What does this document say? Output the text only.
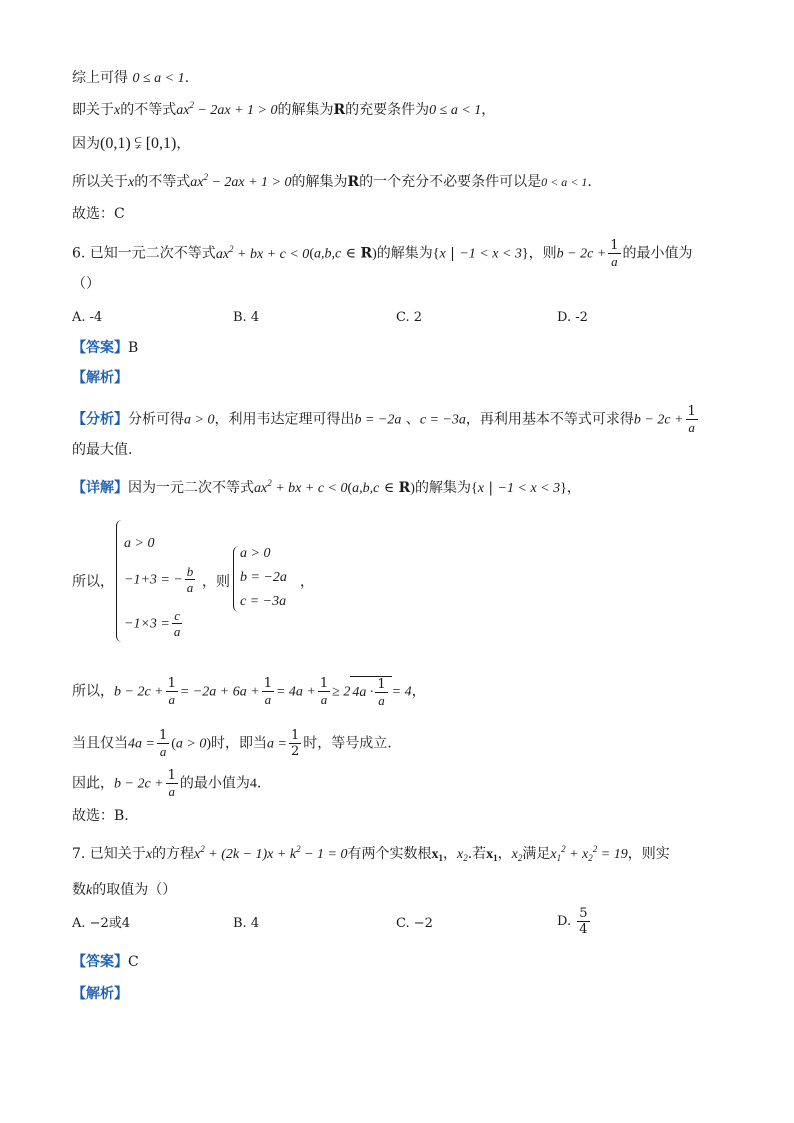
综上可得 0 ≤ a < 1.
即关于x的不等式$ax^2 - 2ax + 1 > 0$的解集为R的充要条件为0 ≤ a < 1，
因为(0,1) ⫋ [0,1)，
所以关于x的不等式$ax^2 - 2ax + 1 > 0$的解集为R的一个充分不必要条件可以是0 < a < 1.
故选：C
6. 已知一元二次不等式$ax^2$ + bx + c < 0(a,b,c ∈ R)的解集为{x | −1 < x < 3}，则$b - 2c + \frac{1}{a}$ 的最小值为
（）
A. -4	B. 4	C. 2	D. -2
【答案】B
【解析】
【分析】分析可得a > 0，利用韦达定理可得出b = −2a 、c = −3a，再利用基本不等式可求得$b - 2c + \frac{1}{a}$
的最大值.
【详解】因为一元二次不等式$ax^2$ + bx + c < 0(a,b,c ∈ R)的解集为{x | −1 < x < 3}，
所以，
a > 0
−1+3 = − $\frac{b}{a}$
$-1\times 3 = \frac{c}{a}$
，则
a > 0
b = −2a
c = −3a
，
所以，$b - 2c + \frac{1}{a} = -2a + 6a + \frac{1}{a} = 4a + \frac{1}{a} \ge 2$ $4a \cdot \frac{1}{a} = 4$，
当且仅当$4a = \frac{1}{a} (a > 0)$时，即当$a = \frac{1}{2}$ 时，等号成立.
因此，$b - 2c + \frac{1}{a}$ 的最小值为4.
故选：B.
7. 已知关于x的方程$x^2 + (2k - 1)x + k^2 - 1 = 0$有两个实数根$x_1$，$x_2$.若$x_1$，$x_2$满足$x_1^2 + x_2^2 = 19$，则实
数k的取值为（）
A. −2或4	B. 4	C. −2	D. $\frac{5}{4}$
【答案】C
【解析】
